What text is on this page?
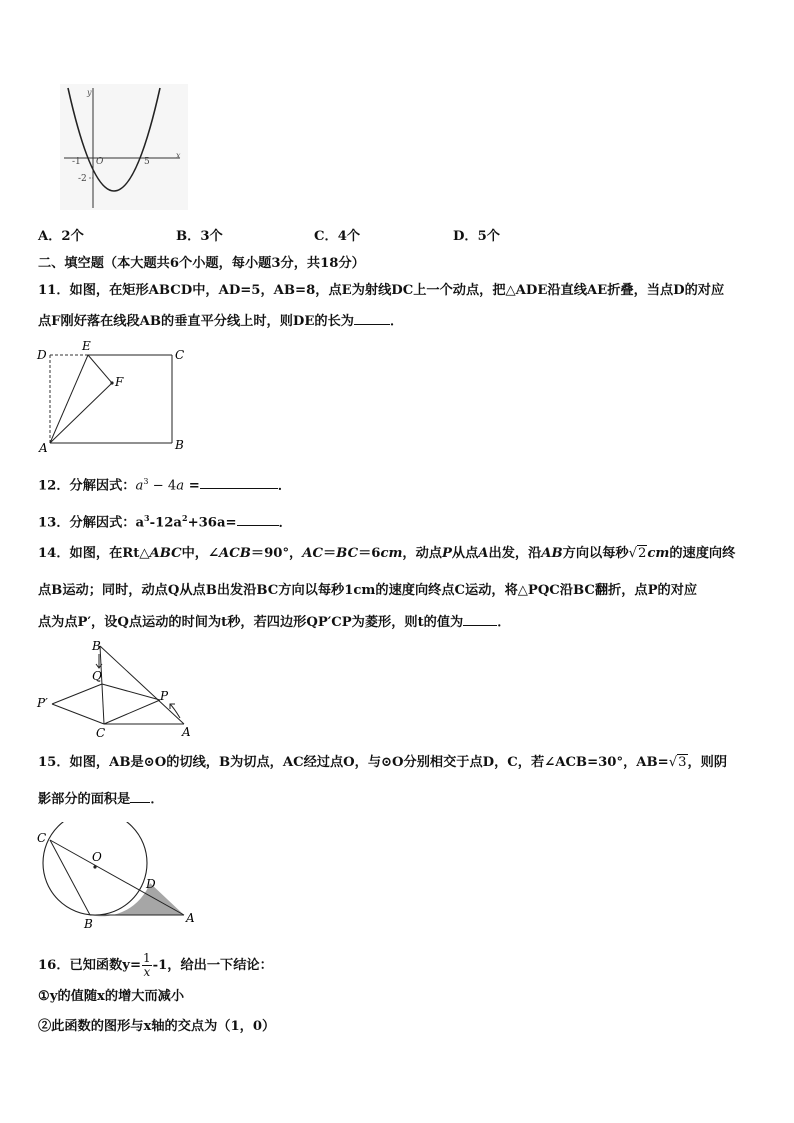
y
x
-1 O	5
-2
A．2个	B．3个	C．4个	D．5个
二、填空题（本大题共6个小题，每小题3分，共18分）
11．如图，在矩形ABCD中，AD=5，AB=8，点E为射线DC上一个动点，把△ADE沿直线AE折叠，当点D的对应
点F刚好落在线段AB的垂直平分线上时，则DE的长为	．
D
E
C
F
A	B
12．分解因式：$a^3 - 4a$ =	．
13．分解因式：$a^3-12a^2+36a=$	．
14．如图，在Rt△ABC中，∠ACB＝90°，AC＝BC＝6cm，动点P从点A出发，沿AB方向以每秒√2cm的速度向终
点B运动；同时，动点Q从点B出发沿BC方向以每秒1cm的速度向终点C运动，将△PQC沿BC翻折，点P的对应
点为点P′，设Q点运动的时间为t秒，若四边形QP′CP为菱形，则t的值为	．
B
Q
P′	P
C	A
15．如图，AB是⊙O的切线，B为切点，AC经过点O，与⊙O分别相交于点D，C，若∠ACB=30°，AB=√3，则阴
影部分的面积是 ．
C
O
D
B	A
16．已知函数$y= \frac{1}{x} -1$，给出一下结论：
①y的值随x的增大而减小
②此函数的图形与x轴的交点为（1，0）
